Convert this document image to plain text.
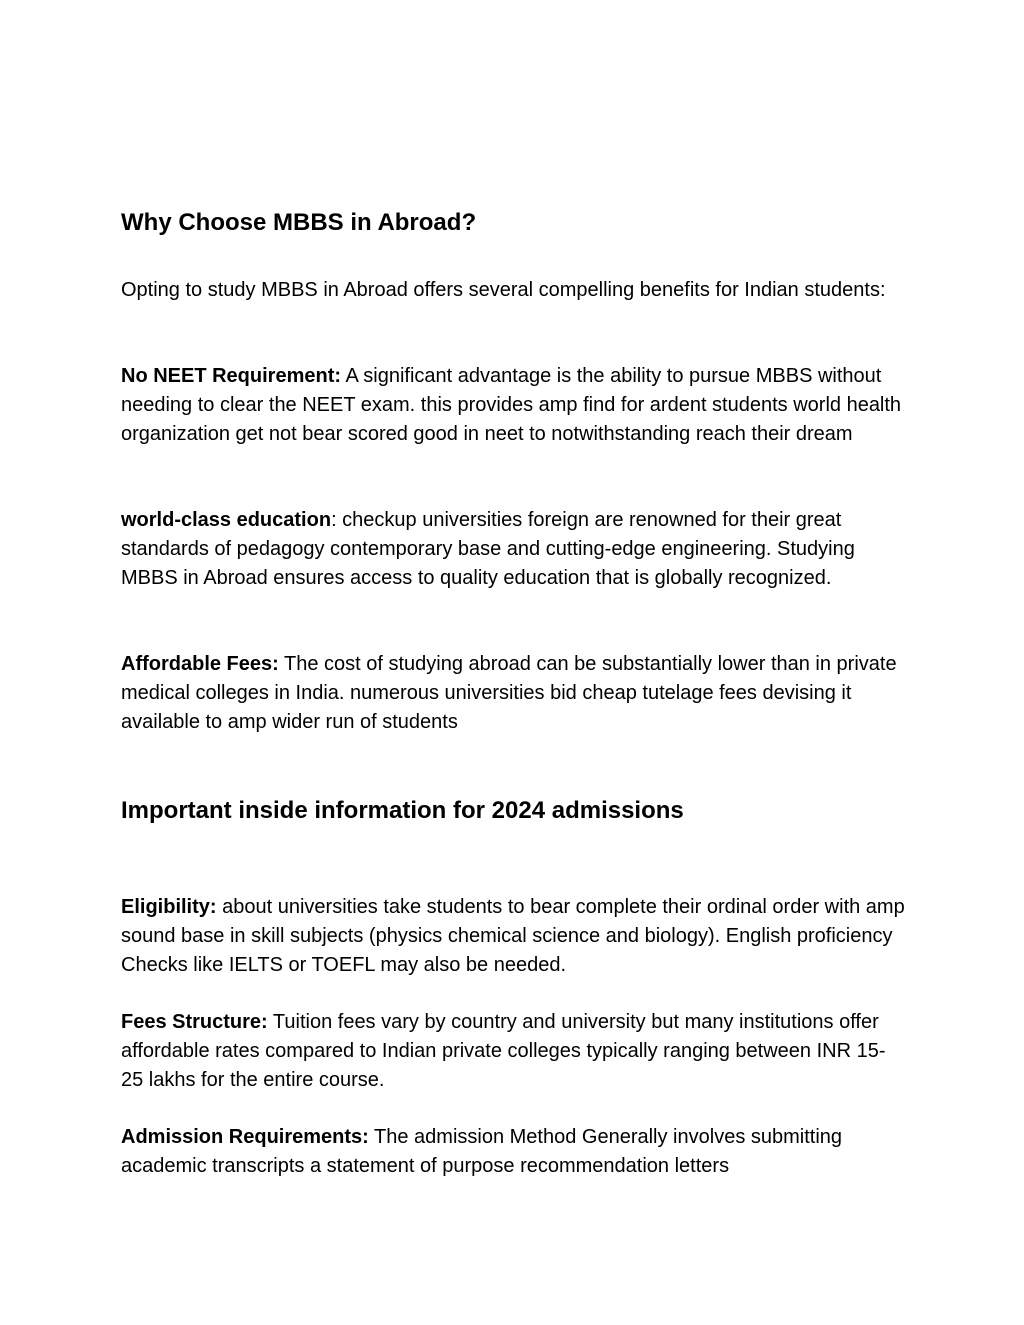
Why Choose MBBS in Abroad?

Opting to study MBBS in Abroad offers several compelling benefits for Indian students:

No NEET Requirement: A significant advantage is the ability to pursue MBBS without needing to clear the NEET exam. this provides amp find for ardent students world health organization get not bear scored good in neet to notwithstanding reach their dream

world-class education: checkup universities foreign are renowned for their great standards of pedagogy contemporary base and cutting-edge engineering. Studying MBBS in Abroad ensures access to quality education that is globally recognized.

Affordable Fees: The cost of studying abroad can be substantially lower than in private medical colleges in India. numerous universities bid cheap tutelage fees devising it available to amp wider run of students

Important inside information for 2024 admissions

Eligibility: about universities take students to bear complete their ordinal order with amp sound base in skill subjects (physics chemical science and biology). English proficiency Checks like IELTS or TOEFL may also be needed.

Fees Structure: Tuition fees vary by country and university but many institutions offer affordable rates compared to Indian private colleges typically ranging between INR 15-25 lakhs for the entire course.

Admission Requirements: The admission Method Generally involves submitting academic transcripts a statement of purpose recommendation letters
